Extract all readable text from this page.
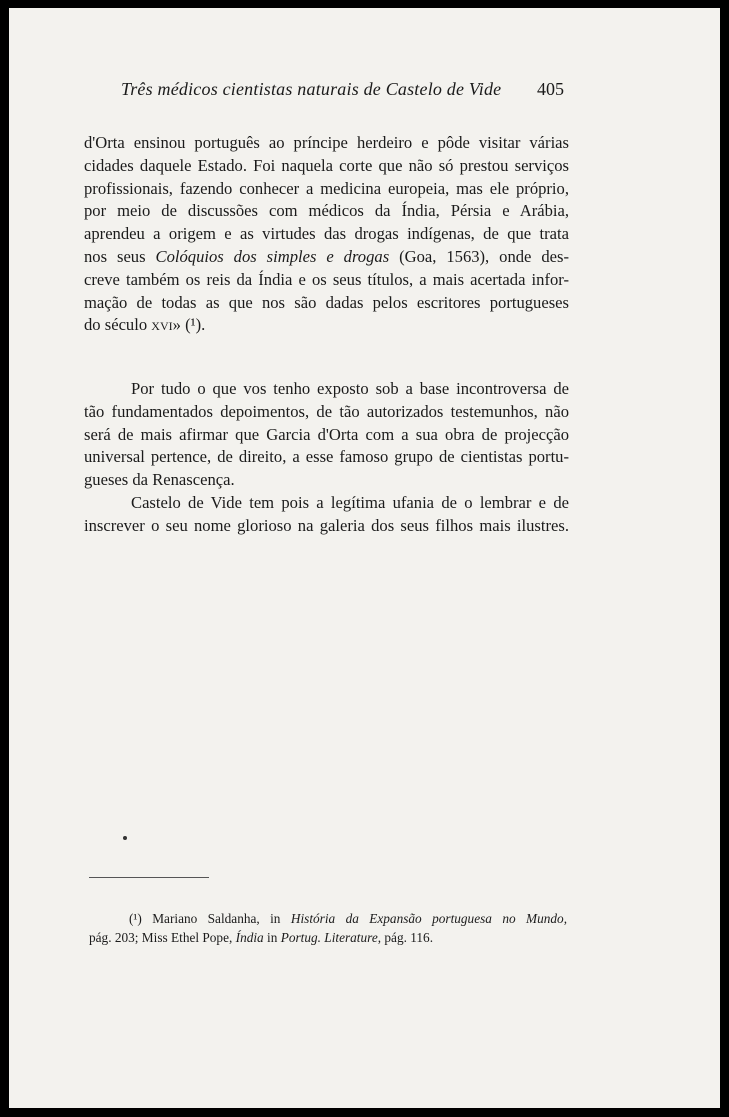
Três médicos cientistas naturais de Castelo de Vide 405
d'Orta ensinou português ao príncipe herdeiro e pôde visitar várias
cidades daquele Estado. Foi naquela corte que não só prestou serviços
profissionais, fazendo conhecer a medicina europeia, mas ele próprio,
por meio de discussões com médicos da Índia, Pérsia e Arábia,
aprendeu a origem e as virtudes das drogas indígenas, de que trata
nos seus Colóquios dos simples e drogas (Goa, 1563), onde des-
creve também os reis da Índia e os seus títulos, a mais acertada infor-
mação de todas as que nos são dadas pelos escritores portugueses
do século xvi» (¹).
Por tudo o que vos tenho exposto sob a base incontroversa de
tão fundamentados depoimentos, de tão autorizados testemunhos, não
será de mais afirmar que Garcia d'Orta com a sua obra de projecção
universal pertence, de direito, a esse famoso grupo de cientistas portu-
gueses da Renascença.
Castelo de Vide tem pois a legítima ufania de o lembrar e de
inscrever o seu nome glorioso na galeria dos seus filhos mais ilustres.
(¹) Mariano Saldanha, in História da Expansão portuguesa no Mundo,
pág. 203; Miss Ethel Pope, Índia in Portug. Literature, pág. 116.
